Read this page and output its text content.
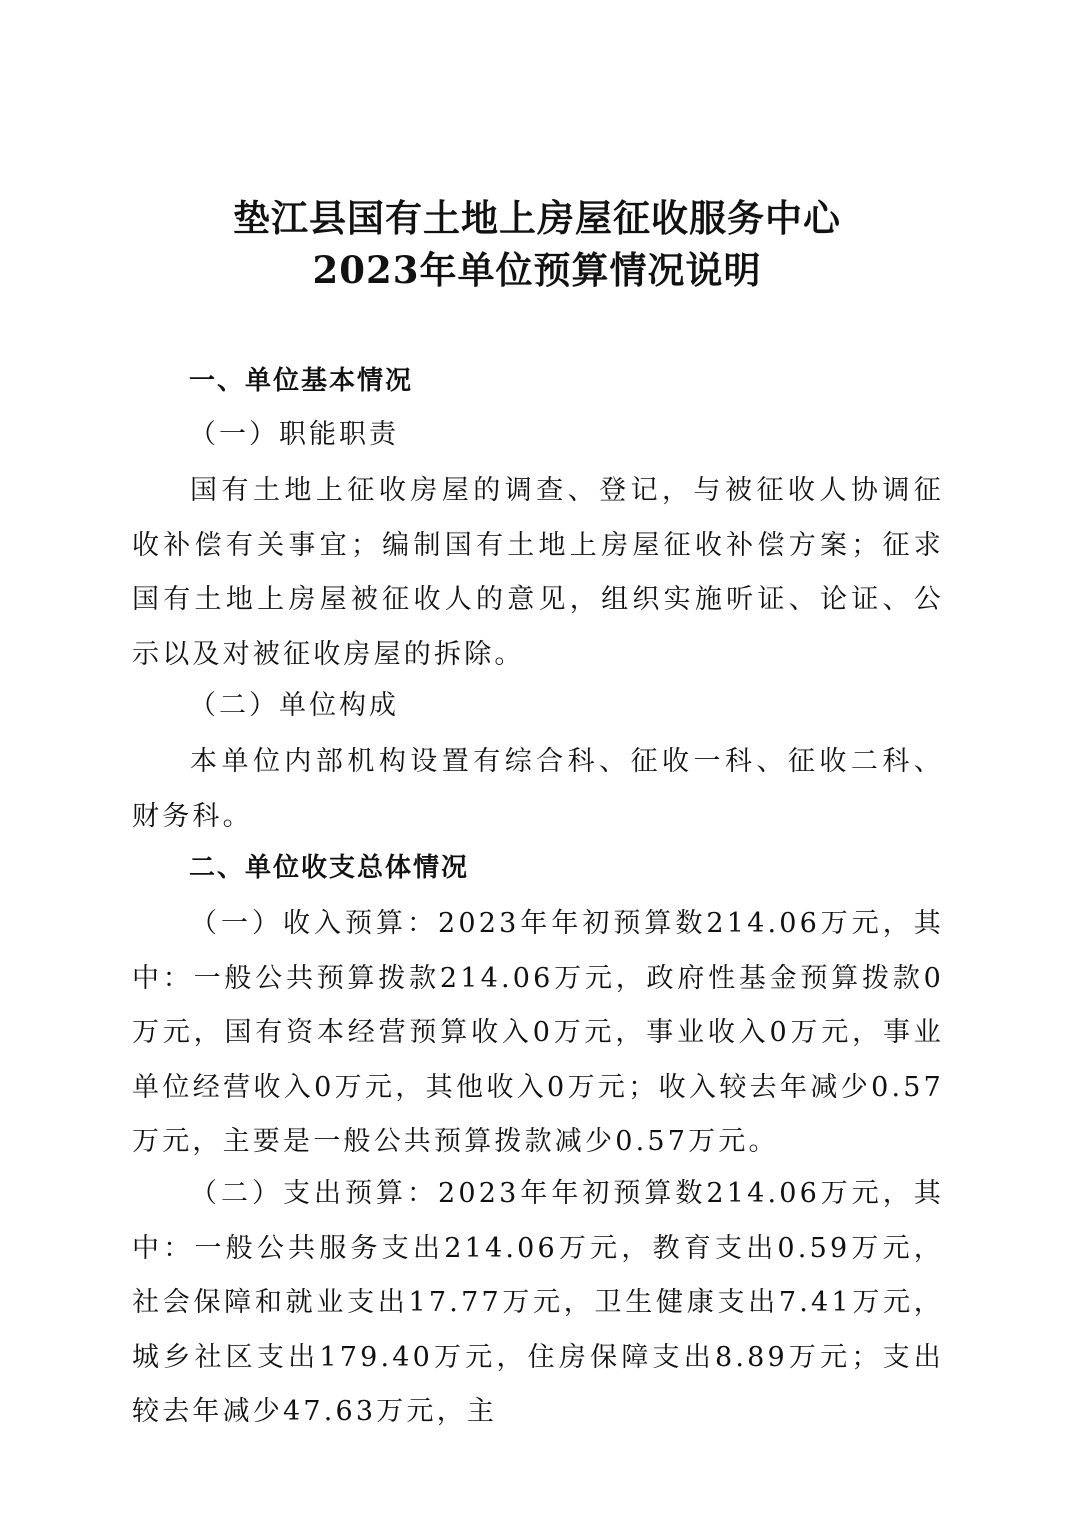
垫江县国有土地上房屋征收服务中心
2023年单位预算情况说明
一、单位基本情况

（一）职能职责

国有土地上征收房屋的调查、登记，与被征收人协调征收补偿有关事宜；编制国有土地上房屋征收补偿方案；征求国有土地上房屋被征收人的意见，组织实施听证、论证、公示以及对被征收房屋的拆除。

（二）单位构成

本单位内部机构设置有综合科、征收一科、征收二科、财务科。

二、单位收支总体情况

（一）收入预算：2023年年初预算数214.06万元，其中：一般公共预算拨款214.06万元，政府性基金预算拨款0万元，国有资本经营预算收入0万元，事业收入0万元，事业单位经营收入0万元，其他收入0万元；收入较去年减少0.57万元，主要是一般公共预算拨款减少0.57万元。

（二）支出预算：2023年年初预算数214.06万元，其中：一般公共服务支出214.06万元，教育支出0.59万元，社会保障和就业支出17.77万元，卫生健康支出7.41万元，城乡社区支出179.40万元，住房保障支出8.89万元；支出较去年减少47.63万元，主
